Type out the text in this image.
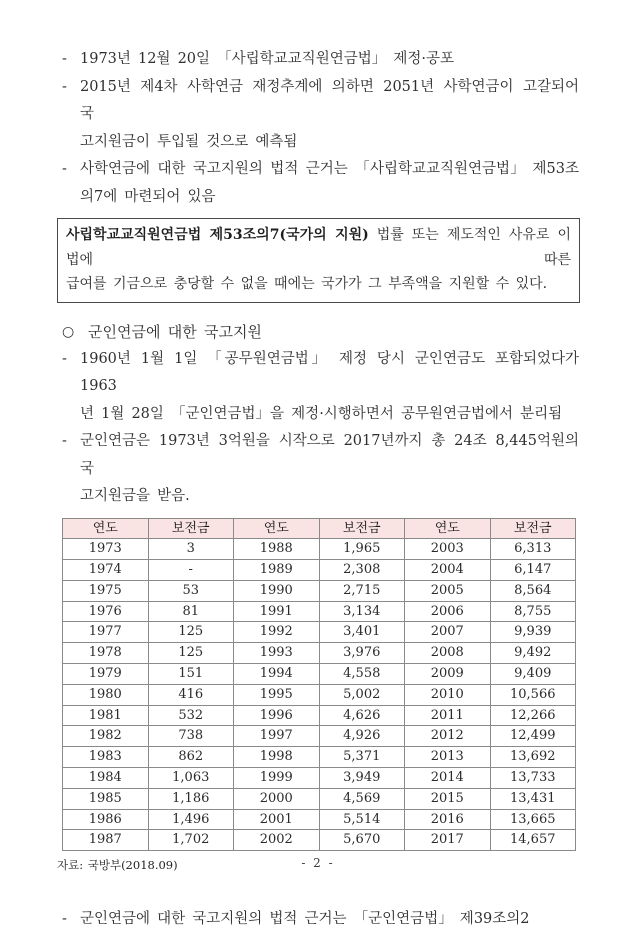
- 1973년 12월 20일 「사립학교교직원연금법」 제정·공포
- 2015년 제4차 사학연금 재정추계에 의하면 2051년 사학연금이 고갈되어 국
고지원금이 투입될 것으로 예측됨
- 사학연금에 대한 국고지원의 법적 근거는 「사립학교교직원연금법」 제53조
의7에 마련되어 있음
사립학교교직원연금법 제53조의7(국가의 지원) 법률 또는 제도적인 사유로 이 법에 따른
급여를 기금으로 충당할 수 없을 때에는 국가가 그 부족액을 지원할 수 있다.
○ 군인연금에 대한 국고지원
- 1960년 1월 1일 「공무원연금법」 제정 당시 군인연금도 포함되었다가 1963
년 1월 28일 「군인연금법」을 제정·시행하면서 공무원연금법에서 분리됨
- 군인연금은 1973년 3억원을 시작으로 2017년까지 총 24조 8,445억원의 국
고지원금을 받음.
연도	보전금	연도	보전금	연도	보전금
1973	3	1988	1,965	2003	6,313
1974	-	1989	2,308	2004	6,147
1975	53	1990	2,715	2005	8,564
1976	81	1991	3,134	2006	8,755
1977	125	1992	3,401	2007	9,939
1978	125	1993	3,976	2008	9,492
1979	151	1994	4,558	2009	9,409
1980	416	1995	5,002	2010	10,566
1981	532	1996	4,626	2011	12,266
1982	738	1997	4,926	2012	12,499
1983	862	1998	5,371	2013	13,692
1984	1,063	1999	3,949	2014	13,733
1985	1,186	2000	4,569	2015	13,431
1986	1,496	2001	5,514	2016	13,665
1987	1,702	2002	5,670	2017	14,657
자료: 국방부(2018.09)
- 군인연금에 대한 국고지원의 법적 근거는 「군인연금법」 제39조의2
- 2 -
